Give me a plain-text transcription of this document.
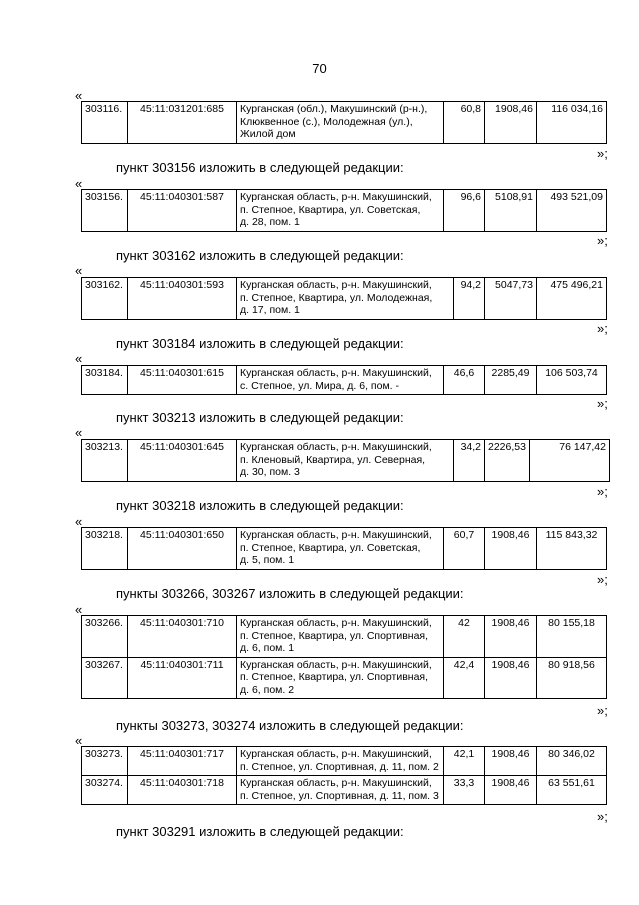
70
«
303116.	45:11:031201:685	Курганская (обл.), Макушинский (р-н.),
Клюквенное (с.), Молодежная (ул.),
Жилой дом
	60,8	1908,46	116 034,16
»;
пункт 303156 изложить в следующей редакции:
«
303156.	45:11:040301:587	Курганская область, р-н. Макушинский,
п. Степное, Квартира, ул. Советская,
д. 28, пом. 1
	96,6	5108,91	493 521,09
»;
пункт 303162 изложить в следующей редакции:
«
303162.	45:11:040301:593	Курганская область, р-н. Макушинский,
п. Степное, Квартира, ул. Молодежная,
д. 17, пом. 1
	94,2	5047,73	475 496,21
»;
пункт 303184 изложить в следующей редакции:
«
303184.	45:11:040301:615	Курганская область, р-н. Макушинский,
с. Степное, ул. Мира, д. 6, пом. -
	46,6	2285,49	106 503,74
»;
пункт 303213 изложить в следующей редакции:
«
303213.	45:11:040301:645	Курганская область, р-н. Макушинский,
п. Кленовый, Квартира, ул. Северная,
д. 30, пом. 3
	34,2	2226,53	76 147,42
»;
пункт 303218 изложить в следующей редакции:
«
303218.	45:11:040301:650	Курганская область, р-н. Макушинский,
п. Степное, Квартира, ул. Советская,
д. 5, пом. 1
	60,7	1908,46	115 843,32
»;
пункты 303266, 303267 изложить в следующей редакции:
«
303266.	45:11:040301:710	Курганская область, р-н. Макушинский,
п. Степное, Квартира, ул. Спортивная,
д. 6, пом. 1	42	1908,46	80 155,18
303267.	45:11:040301:711	Курганская область, р-н. Макушинский,
п. Степное, Квартира, ул. Спортивная,
д. 6, пом. 2	42,4	1908,46	80 918,56
»;
пункты 303273, 303274 изложить в следующей редакции:
«
303273.	45:11:040301:717	Курганская область, р-н. Макушинский,
п. Степное, ул. Спортивная, д. 11, пом. 2	42,1	1908,46	80 346,02
303274.	45:11:040301:718	Курганская область, р-н. Макушинский,
п. Степное, ул. Спортивная, д. 11, пом. 3	33,3	1908,46	63 551,61
»;
пункт 303291 изложить в следующей редакции:
